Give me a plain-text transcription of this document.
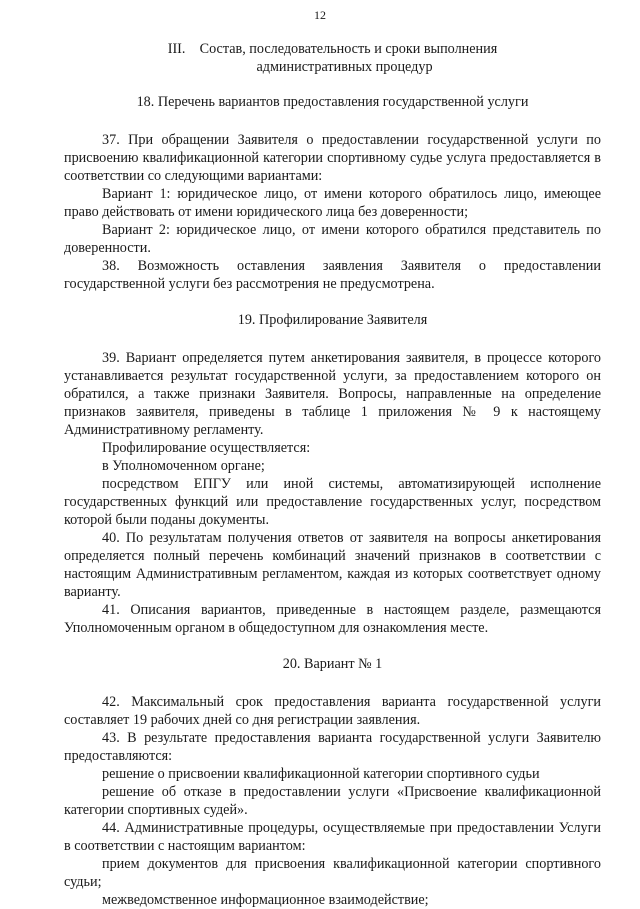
12
III. Состав, последовательность и сроки выполнения
административных процедур
18. Перечень вариантов предоставления государственной услуги

37. При обращении Заявителя о предоставлении государственной услуги по присвоению квалификационной категории спортивному судье услуга предоставляется в соответствии со следующими вариантами:

Вариант 1: юридическое лицо, от имени которого обратилось лицо, имеющее право действовать от имени юридического лица без доверенности;

Вариант 2: юридическое лицо, от имени которого обратился представитель по доверенности.

38. Возможность оставления заявления Заявителя о предоставлении государственной услуги без рассмотрения не предусмотрена.

19. Профилирование Заявителя

39. Вариант определяется путем анкетирования заявителя, в процессе которого устанавливается результат государственной услуги, за предоставлением которого он обратился, а также признаки Заявителя. Вопросы, направленные на определение признаков заявителя, приведены в таблице 1 приложения № 9 к настоящему Административному регламенту.

Профилирование осуществляется:

в Уполномоченном органе;

посредством ЕПГУ или иной системы, автоматизирующей исполнение государственных функций или предоставление государственных услуг, посредством которой были поданы документы.

40. По результатам получения ответов от заявителя на вопросы анкетирования определяется полный перечень комбинаций значений признаков в соответствии с настоящим Административным регламентом, каждая из которых соответствует одному варианту.

41. Описания вариантов, приведенные в настоящем разделе, размещаются Уполномоченным органом в общедоступном для ознакомления месте.

20. Вариант № 1

42. Максимальный срок предоставления варианта государственной услуги составляет 19 рабочих дней со дня регистрации заявления.

43. В результате предоставления варианта государственной услуги Заявителю предоставляются:

решение о присвоении квалификационной категории спортивного судьи

решение об отказе в предоставлении услуги «Присвоение квалификационной категории спортивных судей».

44. Административные процедуры, осуществляемые при предоставлении Услуги в соответствии с настоящим вариантом:

прием документов для присвоения квалификационной категории спортивного судьи;

межведомственное информационное взаимодействие;
